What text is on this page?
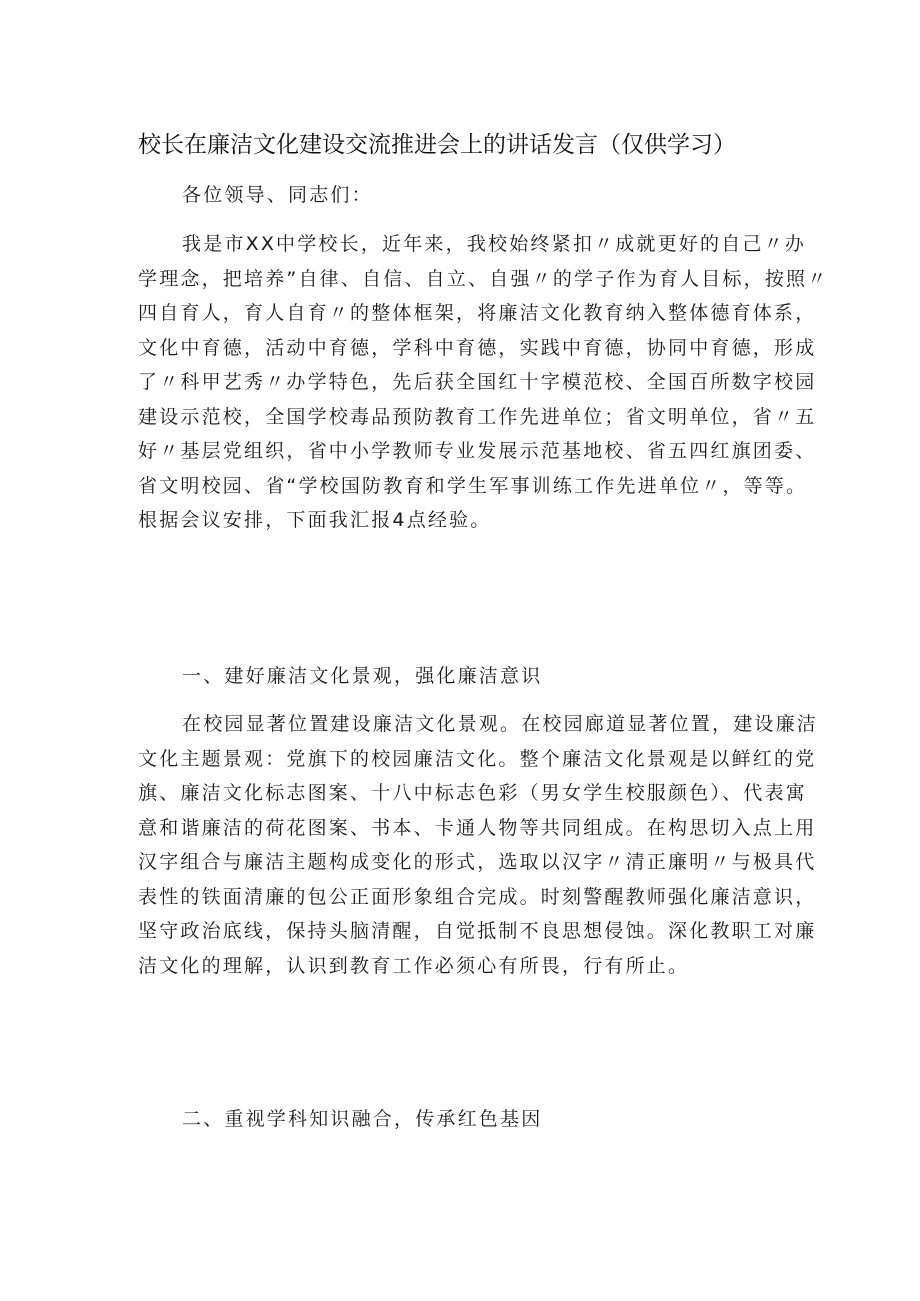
校长在廉洁文化建设交流推进会上的讲话发言（仅供学习）
各位领导、同志们：
我是市XX中学校长，近年来，我校始终紧扣〃成就更好的自己〃办
学理念，把培养”自律、自信、自立、自强〃的学子作为育人目标，按照〃
四自育人，育人自育〃的整体框架，将廉洁文化教育纳入整体德育体系，
文化中育德，活动中育德，学科中育德，实践中育德，协同中育德，形成
了〃科甲艺秀〃办学特色，先后获全国红十字模范校、全国百所数字校园
建设示范校，全国学校毒品预防教育工作先进单位；省文明单位，省〃五
好〃基层党组织，省中小学教师专业发展示范基地校、省五四红旗团委、
省文明校园、省“学校国防教育和学生军事训练工作先进单位〃，等等。
根据会议安排，下面我汇报4点经验。
一、建好廉洁文化景观，强化廉洁意识
在校园显著位置建设廉洁文化景观。在校园廊道显著位置，建设廉洁
文化主题景观：党旗下的校园廉洁文化。整个廉洁文化景观是以鲜红的党
旗、廉洁文化标志图案、十八中标志色彩（男女学生校服颜色）、代表寓
意和谐廉洁的荷花图案、书本、卡通人物等共同组成。在构思切入点上用
汉字组合与廉洁主题构成变化的形式，选取以汉字〃清正廉明〃与极具代
表性的铁面清廉的包公正面形象组合完成。时刻警醒教师强化廉洁意识，
坚守政治底线，保持头脑清醒，自觉抵制不良思想侵蚀。深化教职工对廉
洁文化的理解，认识到教育工作必须心有所畏，行有所止。
二、重视学科知识融合，传承红色基因
